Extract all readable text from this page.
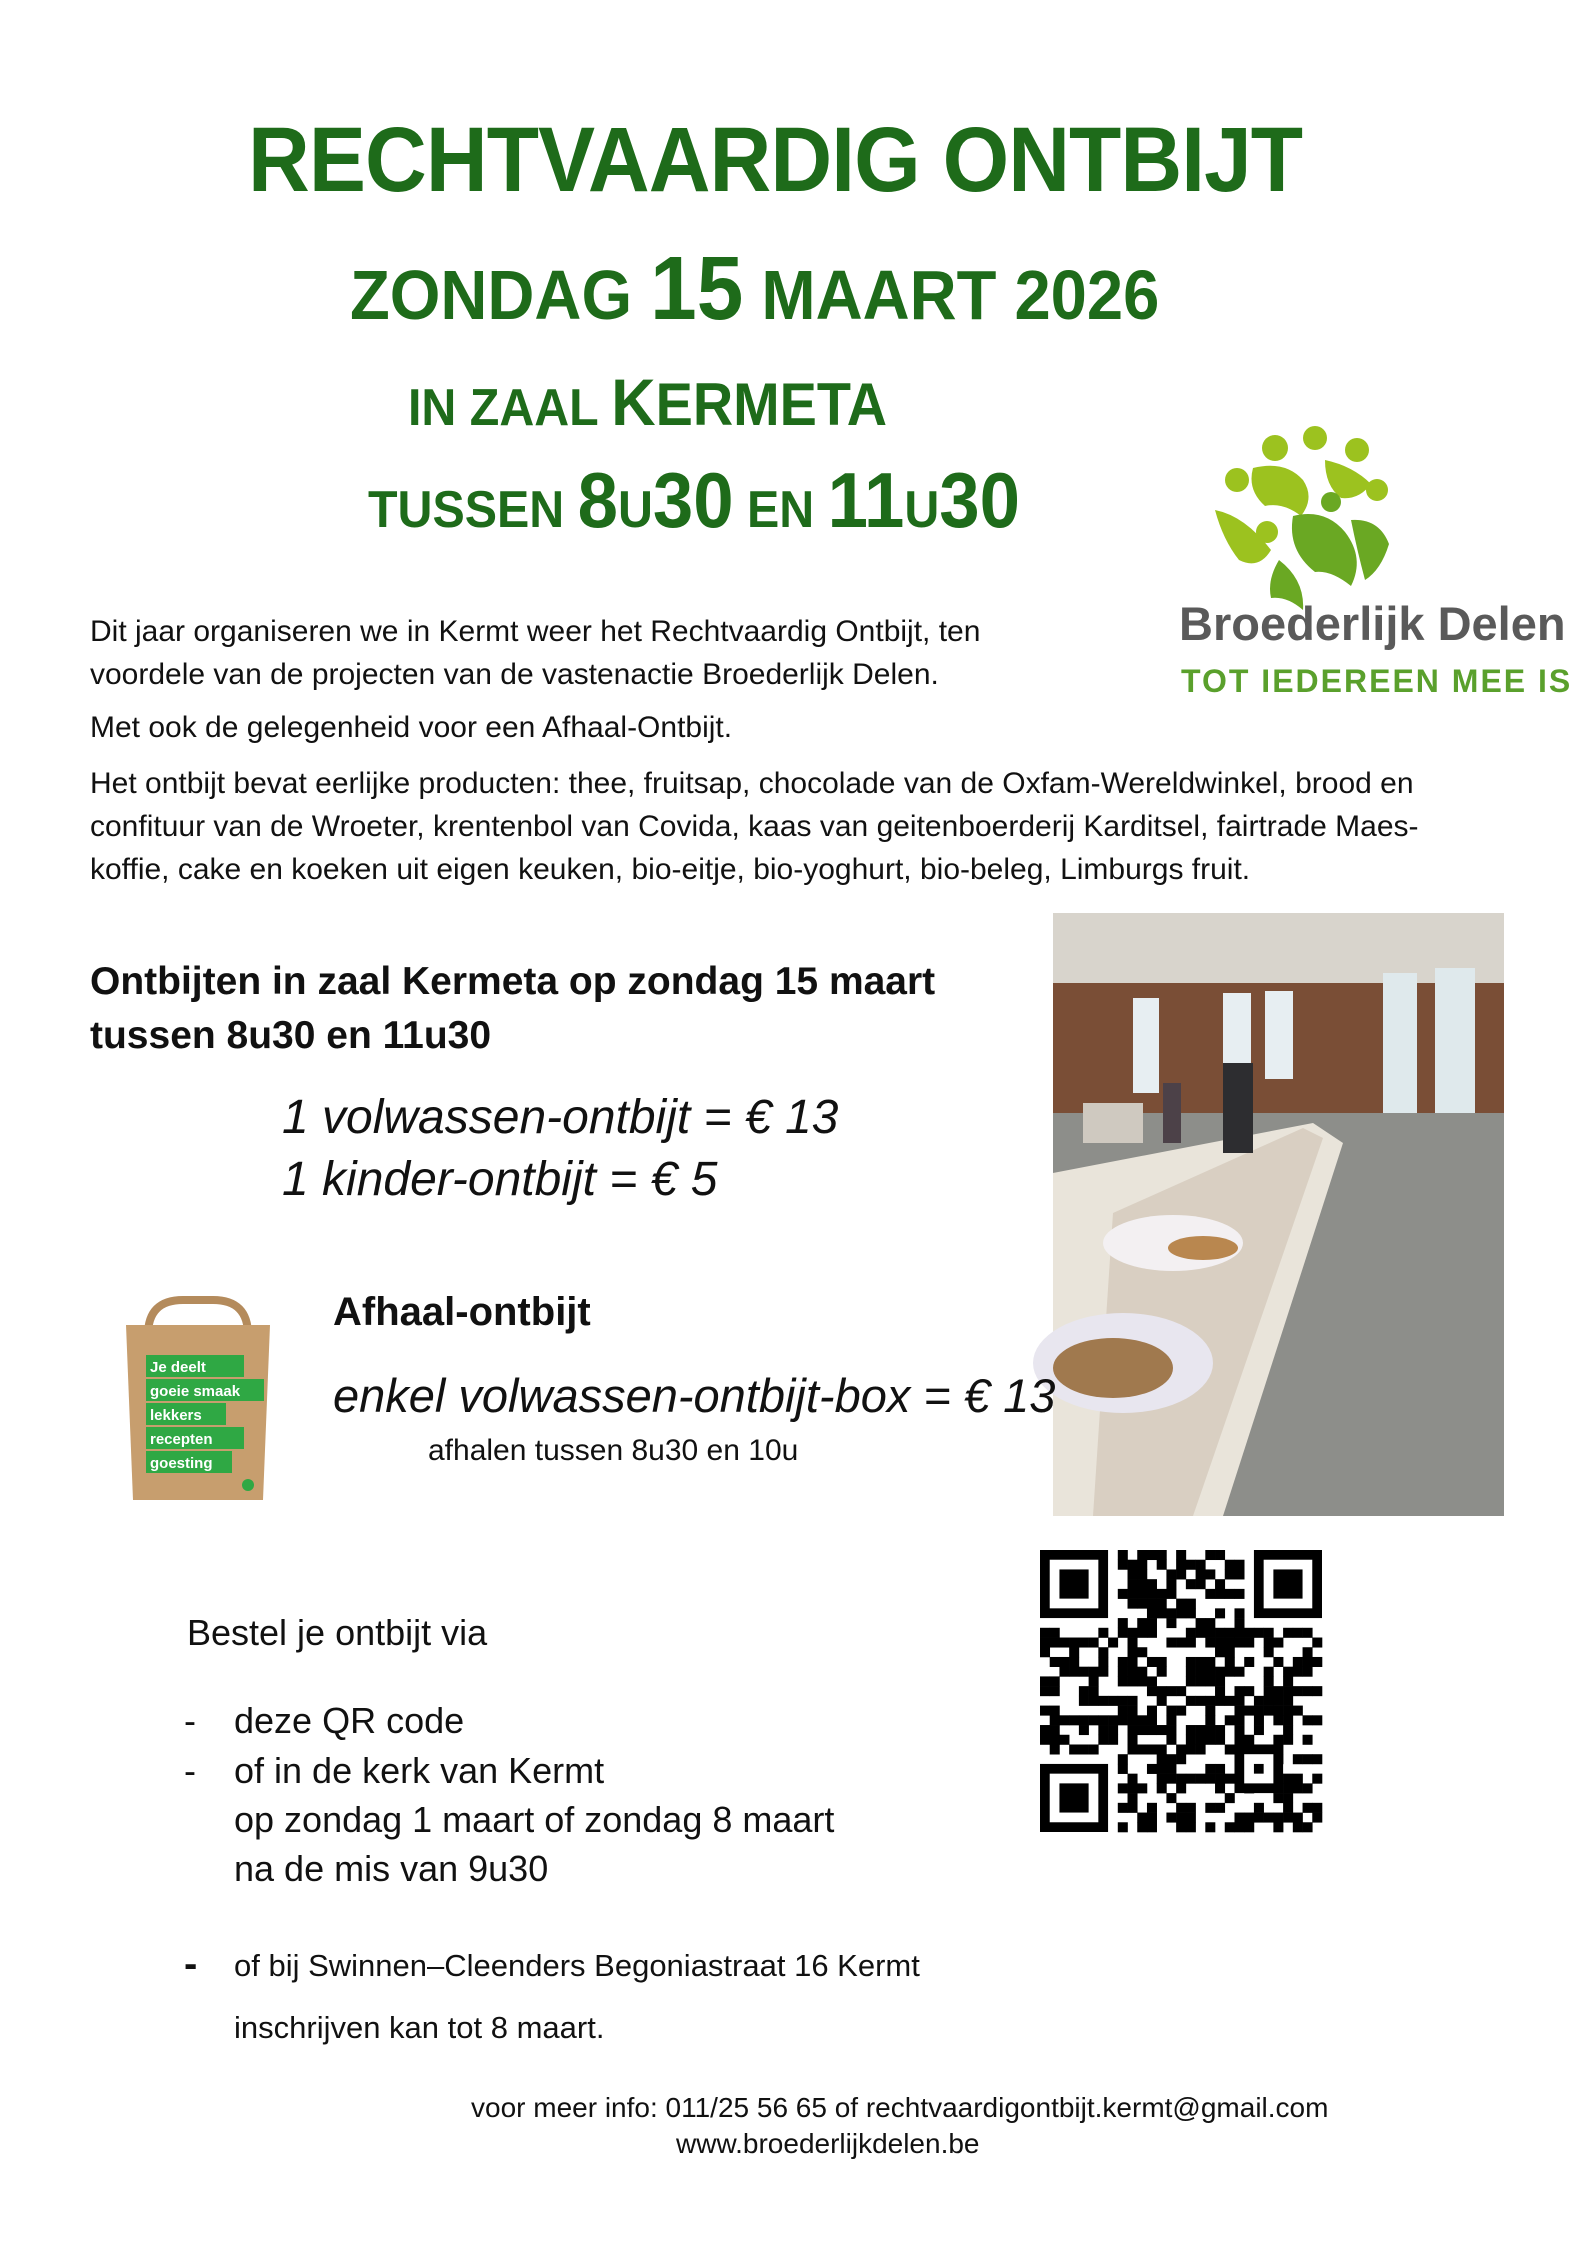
RECHTVAARDIG ONTBIJT
ZONDAG 15 MAART 2026
IN ZAAL KERMETA
TUSSEN 8U30 EN 11U30
Broederlijk Delen
TOT IEDEREEN MEE IS
Dit jaar organiseren we in Kermt weer het Rechtvaardig Ontbijt, ten
voordele van de projecten van de vastenactie Broederlijk Delen.
Met ook de gelegenheid voor een Afhaal-Ontbijt.
Het ontbijt bevat eerlijke producten: thee, fruitsap, chocolade van de Oxfam-Wereldwinkel, brood en
confituur van de Wroeter, krentenbol van Covida, kaas van geitenboerderij Karditsel, fairtrade Maes-
koffie, cake en koeken uit eigen keuken, bio-eitje, bio-yoghurt, bio-beleg, Limburgs fruit.
Ontbijten in zaal Kermeta op zondag 15 maart
tussen 8u30 en 11u30
1 volwassen-ontbijt = € 13
1 kinder-ontbijt = € 5
Je deelt
goeie smaak
lekkers
recepten
goesting
Afhaal-ontbijt
enkel volwassen-ontbijt-box = € 13
afhalen tussen 8u30 en 10u
Bestel je ontbijt via
- deze QR code
- of in de kerk van Kermt
op zondag 1 maart of zondag 8 maart
na de mis van 9u30
- of bij Swinnen–Cleenders Begoniastraat 16 Kermt
inschrijven kan tot 8 maart.
voor meer info: 011/25 56 65 of rechtvaardigontbijt.kermt@gmail.com
www.broederlijkdelen.be
